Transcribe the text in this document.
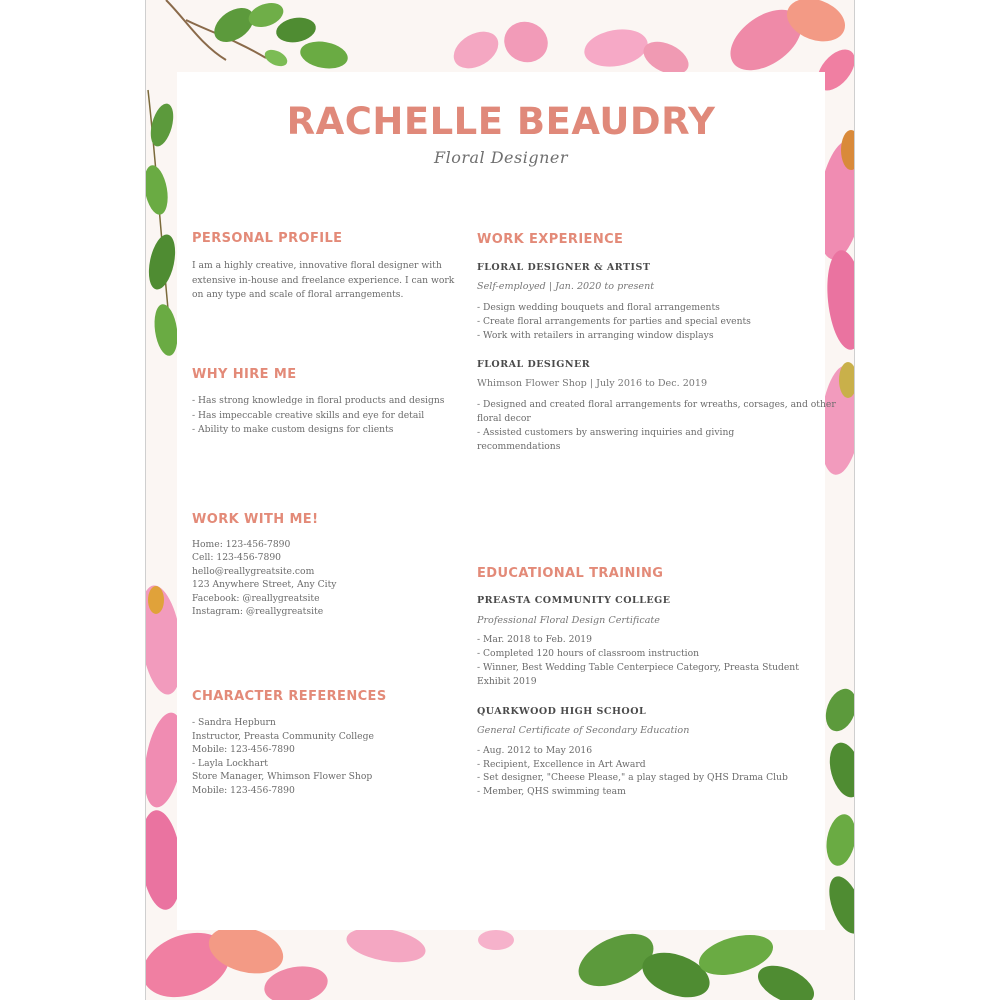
RACHELLE BEAUDRY
Floral Designer
PERSONAL PROFILE
I am a highly creative, innovative floral designer with
extensive in-house and freelance experience. I can work
on any type and scale of floral arrangements.
WHY HIRE ME
- Has strong knowledge in floral products and designs
- Has impeccable creative skills and eye for detail
- Ability to make custom designs for clients
WORK WITH ME!
Home: 123-456-7890
Cell: 123-456-7890
hello@reallygreatsite.com
123 Anywhere Street, Any City
Facebook: @reallygreatsite
Instagram: @reallygreatsite
CHARACTER REFERENCES
- Sandra Hepburn
Instructor, Preasta Community College
Mobile: 123-456-7890
- Layla Lockhart
Store Manager, Whimson Flower Shop
Mobile: 123-456-7890
WORK EXPERIENCE
FLORAL DESIGNER & ARTIST
Self-employed | Jan. 2020 to present
- Design wedding bouquets and floral arrangements
- Create floral arrangements for parties and special events
- Work with retailers in arranging window displays
FLORAL DESIGNER
Whimson Flower Shop | July 2016 to Dec. 2019
- Designed and created floral arrangements for wreaths, corsages, and other
floral decor
- Assisted customers by answering inquiries and giving
recommendations
EDUCATIONAL TRAINING
PREASTA COMMUNITY COLLEGE
Professional Floral Design Certificate
- Mar. 2018 to Feb. 2019
- Completed 120 hours of classroom instruction
- Winner, Best Wedding Table Centerpiece Category, Preasta Student
Exhibit 2019
QUARKWOOD HIGH SCHOOL
General Certificate of Secondary Education
- Aug. 2012 to May 2016
- Recipient, Excellence in Art Award
- Set designer, "Cheese Please," a play staged by QHS Drama Club
- Member, QHS swimming team
